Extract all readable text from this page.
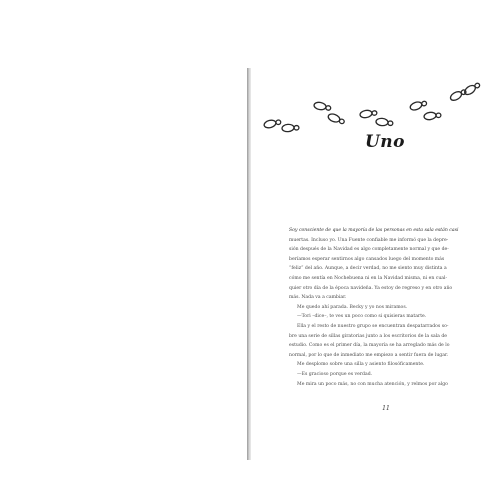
Uno
Soy consciente de que la mayoría de las personas en esta sala están casi
muertas. Incluso yo. Una Fuente confiable me informó que la depre-
sión después de la Navidad es algo completamente normal y que de-
beríamos esperar sentirnos algo cansados luego del momento más
“feliz” del año. Aunque, a decir verdad, no me siento muy distinta a
cómo me sentía en Nochebuena ni en la Navidad misma, ni en cual-
quier otro día de la época navideña. Ya estoy de regreso y en otro año
más. Nada va a cambiar.
Me quedo ahí parada. Becky y yo nos miramos.
—Tori –dice–, te ves un poco como si quisieras matarte.
Ella y el resto de nuestro grupo se encuentran despatarrados so-
bre una serie de sillas giratorias junto a los escritorios de la sala de
estudio. Como es el primer día, la mayoría se ha arreglado más de lo
normal, por lo que de inmediato me empiezo a sentir fuera de lugar.
Me desplomo sobre una silla y asiento filosóficamente.
—Es gracioso porque es verdad.
Me mira un poco más, no con mucha atención, y relmos por algo
11
